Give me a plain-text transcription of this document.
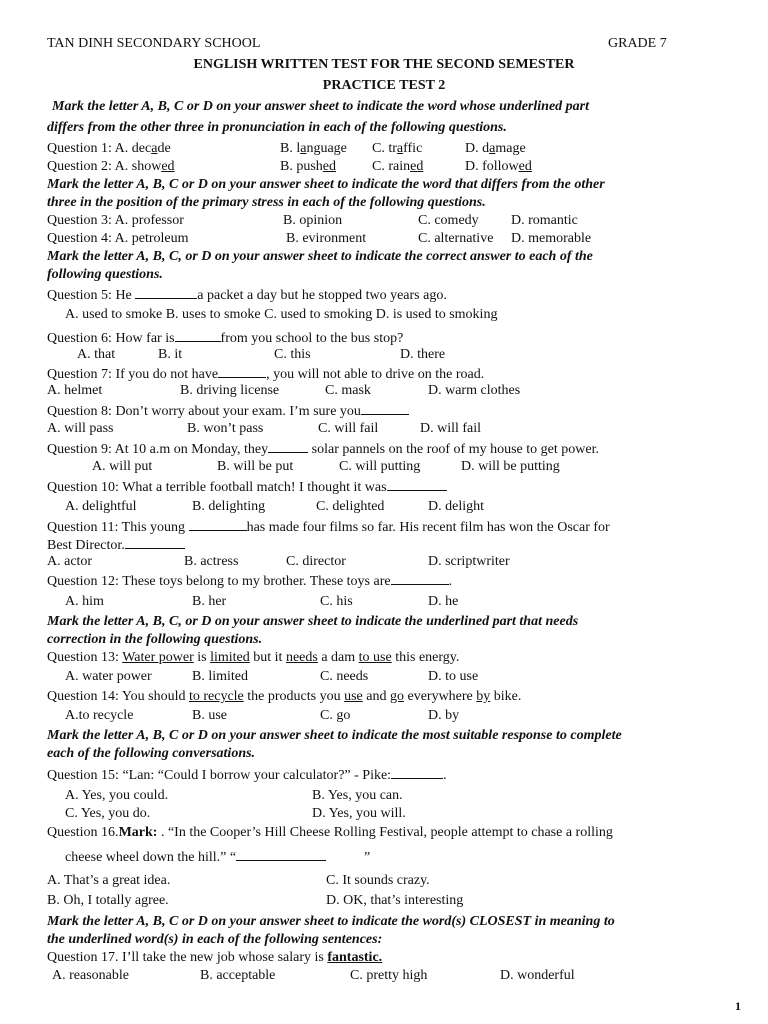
TAN DINH SECONDARY SCHOOL	GRADE 7
ENGLISH WRITTEN TEST FOR THE SECOND SEMESTER
PRACTICE TEST 2
Mark the letter A, B, C or D on your answer sheet to indicate the word whose underlined part
differs from the other three in pronunciation in each of the following questions.
Question 1: A. decade	B. language C. traffic	D. damage
Question 2: A. showed	B. pushed	C. rained	D. followed
Mark the letter A, B, C or D on your answer sheet to indicate the word that differs from the other
three in the position of the primary stress in each of the following questions.
Question 3: A. professor	B. opinion	C. comedy D. romantic
Question 4: A. petroleum	B. evironment	C. alternative D. memorable
Mark the letter A, B, C, or D on your answer sheet to indicate the correct answer to each of the
following questions.
Question 5: He	a packet a day but he stopped two years ago.
A. used to smoke B. uses to smoke C. used to smoking D. is used to smoking
Question 6: How far is	from you school to the bus stop?
A. that	B. it	C. this	D. there
Question 7: If you do not have	, you will not able to drive on the road.
A. helmet	B. driving license	C. mask	D. warm clothes
Question 8: Don’t worry about your exam. I’m sure you
A. will pass	B. won’t pass	C. will fail	D. will fail
Question 9: At 10 a.m on Monday, they	solar pannels on the roof of my house to get power.
A. will put	B. will be put	C. will putting	D. will be putting
Question 10: What a terrible football match! I thought it was
A. delightful	B. delighting	C. delighted	D. delight
Question 11: This young	has made four films so far. His recent film has won the Oscar for
Best Director.
A. actor	B. actress	C. director	D. scriptwriter
Question 12: These toys belong to my brother. These toys are	.
A. him	B. her	C. his	D. he
Mark the letter A, B, C, or D on your answer sheet to indicate the underlined part that needs
correction in the following questions.
Question 13: Water power is limited but it needs a dam to use this energy.
A. water power	B. limited	C. needs	D. to use
Question 14: You should to recycle the products you use and go everywhere by bike.
A.to recycle	B. use	C. go	D. by
Mark the letter A, B, C or D on your answer sheet to indicate the most suitable response to complete
each of the following conversations.
Question 15: “Lan: “Could I borrow your calculator?” - Pike:	.
A. Yes, you could.	B. Yes, you can.
C. Yes, you do.	D. Yes, you will.
Question 16.Mark: . “In the Cooper’s Hill Cheese Rolling Festival, people attempt to chase a rolling
cheese wheel down the hill.” “	”
A. That’s a great idea.	C. It sounds crazy.
B. Oh, I totally agree.	D. OK, that’s interesting
Mark the letter A, B, C or D on your answer sheet to indicate the word(s) CLOSEST in meaning to
the underlined word(s) in each of the following sentences:
Question 17. I’ll take the new job whose salary is fantastic.
A. reasonable	B. acceptable	C. pretty high	D. wonderful
1
